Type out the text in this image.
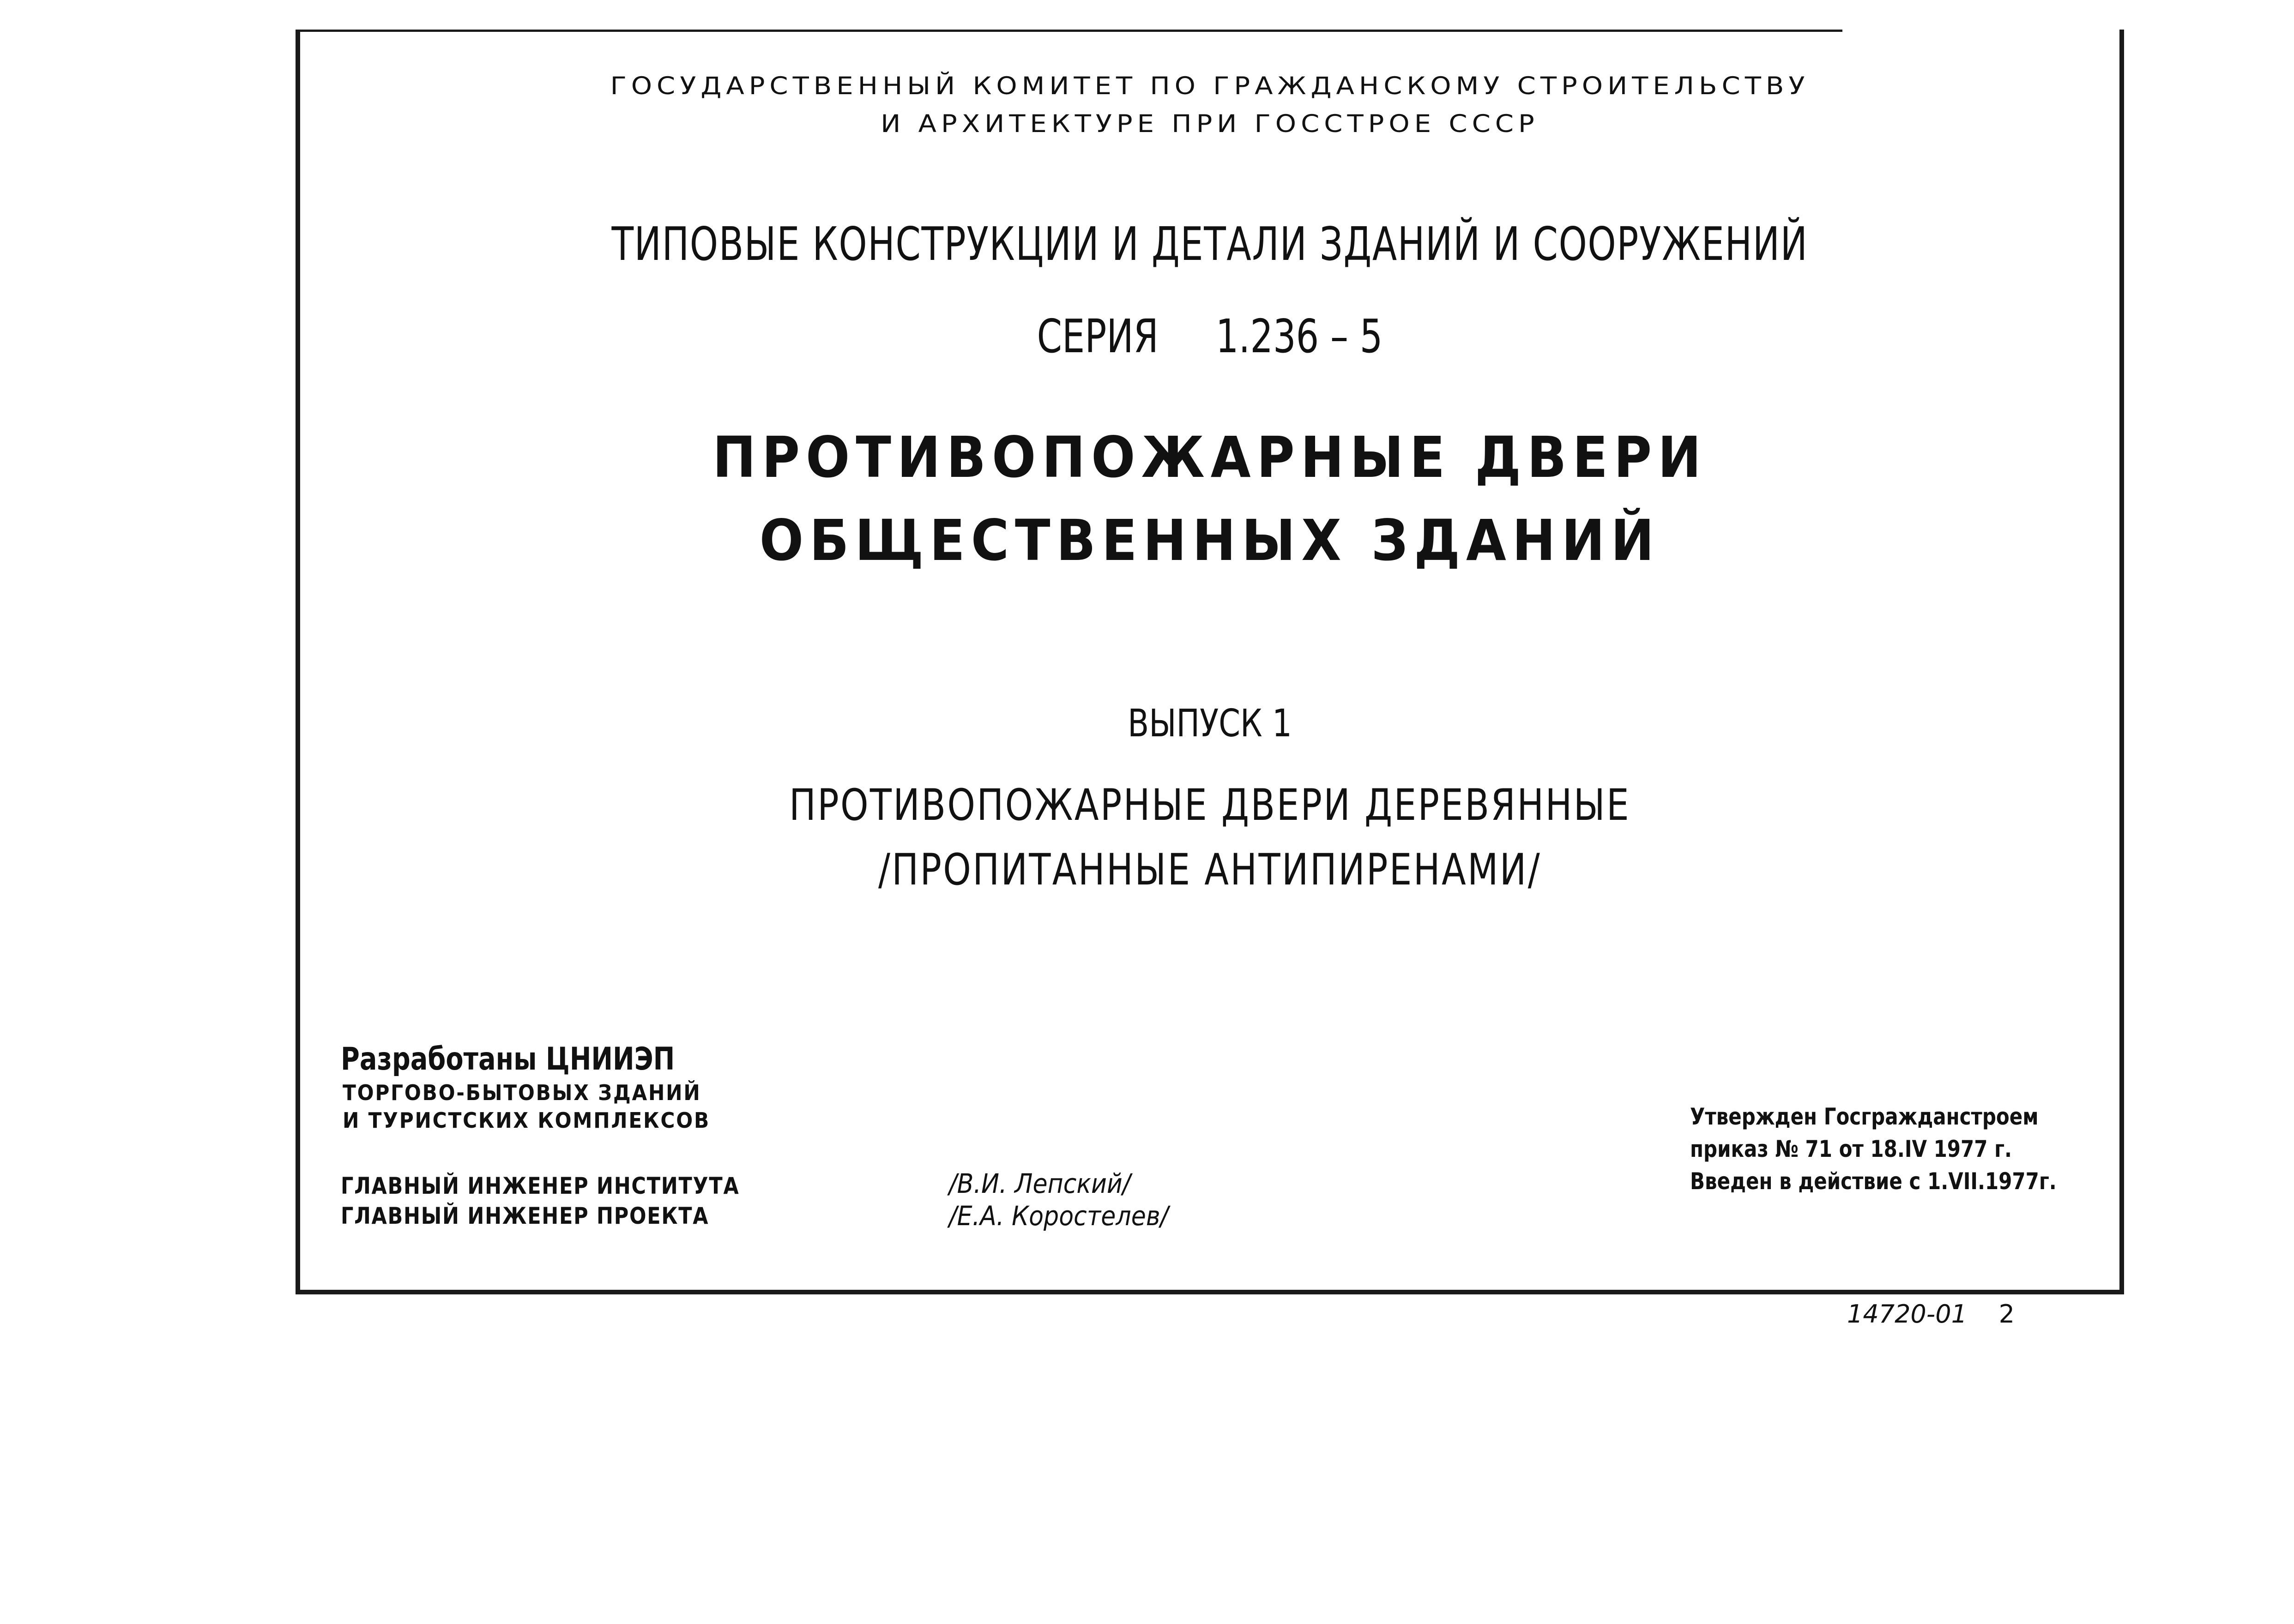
ГОСУДАРСТВЕННЫЙ КОМИТЕТ ПО ГРАЖДАНСКОМУ СТРОИТЕЛЬСТВУ
И АРХИТЕКТУРЕ ПРИ ГОССТРОЕ СССР
ТИПОВЫЕ КОНСТРУКЦИИ И ДЕТАЛИ ЗДАНИЙ И СООРУЖЕНИЙ
СЕРИЯ 1.236 – 5
ПРОТИВОПОЖАРНЫЕ ДВЕРИ
ОБЩЕСТВЕННЫХ ЗДАНИЙ
ВЫПУСК 1
ПРОТИВОПОЖАРНЫЕ ДВЕРИ ДЕРЕВЯННЫЕ
/ПРОПИТАННЫЕ АНТИПИРЕНАМИ/
Разработаны ЦНИИЭП
ТОРГОВО-БЫТОВЫХ ЗДАНИЙ
И ТУРИСТСКИХ КОМПЛЕКСОВ
ГЛАВНЫЙ ИНЖЕНЕР ИНСТИТУТА
ГЛАВНЫЙ ИНЖЕНЕР ПРОЕКТА
/В.И. Лепский/
/Е.А. Коростелев/
Утвержден Госгражданстроем
приказ № 71 от 18.IV 1977 г.
Введен в действие с 1.VII.1977г.
14720-01 2
